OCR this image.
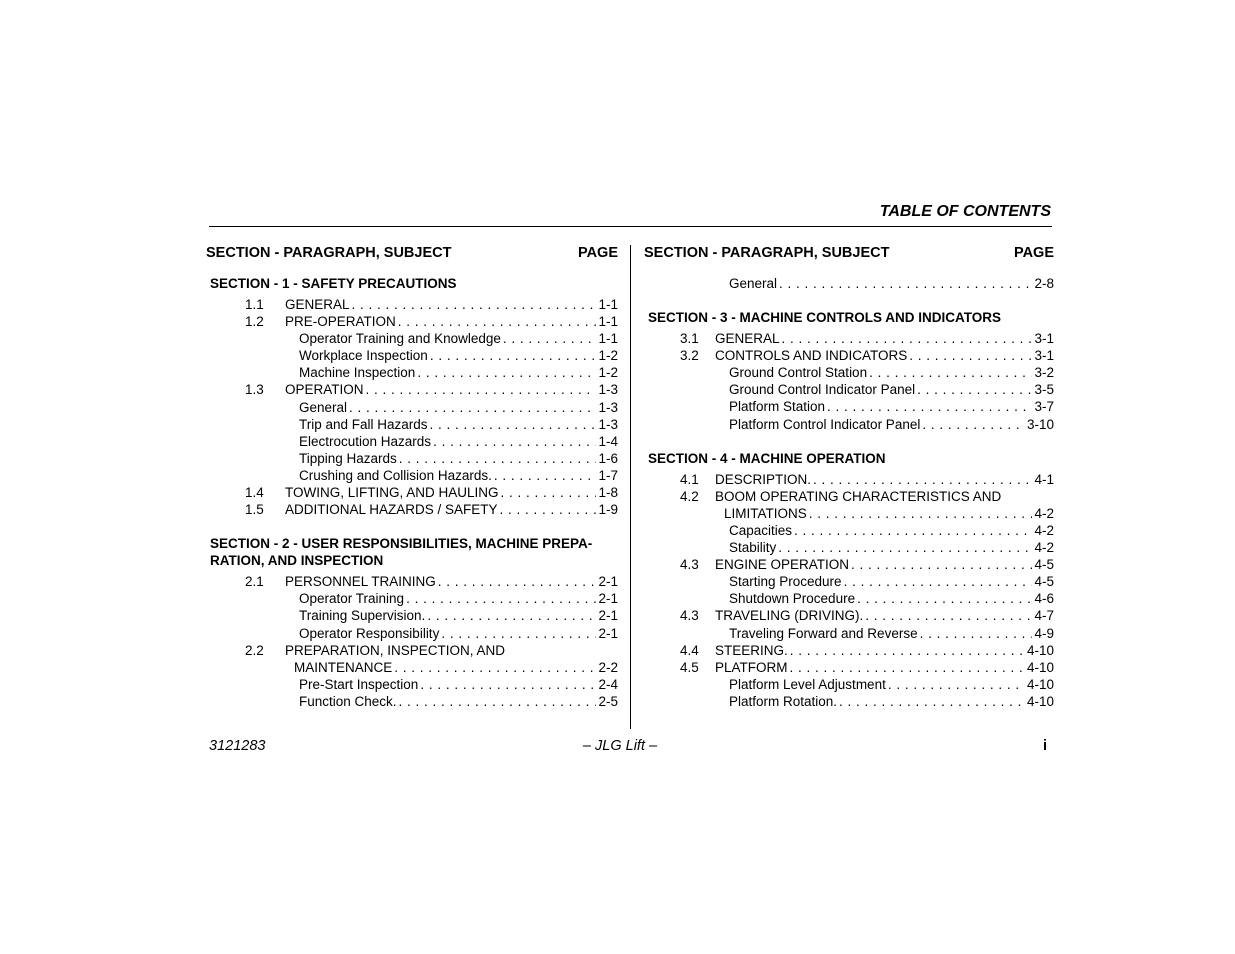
TABLE OF CONTENTS
SECTION - PARAGRAPH, SUBJECT	PAGE
SECTION - 1 - SAFETY PRECAUTIONS
1.1	GENERAL . . .	1-1
1.2	PRE-OPERATION . . .	1-1
Operator Training and Knowledge . . .	1-1
Workplace Inspection . . .	1-2
Machine Inspection . . .	1-2
1.3	OPERATION . . .	1-3
General . . .	1-3
Trip and Fall Hazards . . .	1-3
Electrocution Hazards . . .	1-4
Tipping Hazards . . .	1-6
Crushing and Collision Hazards. . . .	1-7
1.4	TOWING, LIFTING, AND HAULING . . .	1-8
1.5	ADDITIONAL HAZARDS / SAFETY . . .	1-9
SECTION - 2 - USER RESPONSIBILITIES, MACHINE PREPA-
RATION, AND INSPECTION
2.1	PERSONNEL TRAINING . . .	2-1
Operator Training . . .	2-1
Training Supervision. . . .	2-1
Operator Responsibility . . .	2-1
2.2	PREPARATION, INSPECTION, AND
MAINTENANCE . . .	2-2
Pre-Start Inspection . . .	2-4
Function Check. . . .	2-5
SECTION - PARAGRAPH, SUBJECT	PAGE
General . . .	2-8
SECTION - 3 - MACHINE CONTROLS AND INDICATORS
3.1	GENERAL . . .	3-1
3.2	CONTROLS AND INDICATORS . . .	3-1
Ground Control Station . . .	3-2
Ground Control Indicator Panel . . .	3-5
Platform Station . . .	3-7
Platform Control Indicator Panel . . .	3-10
SECTION - 4 - MACHINE OPERATION
4.1	DESCRIPTION. . . .	4-1
4.2	BOOM OPERATING CHARACTERISTICS AND
LIMITATIONS . . .	4-2
Capacities . . .	4-2
Stability . . .	4-2
4.3	ENGINE OPERATION . . .	4-5
Starting Procedure . . .	4-5
Shutdown Procedure . . .	4-6
4.3	TRAVELING (DRIVING). . . .	4-7
Traveling Forward and Reverse . . .	4-9
4.4	STEERING. . . .	4-10
4.5	PLATFORM . . .	4-10
Platform Level Adjustment . . .	4-10
Platform Rotation. . . .	4-10
3121283	– JLG Lift –	i
